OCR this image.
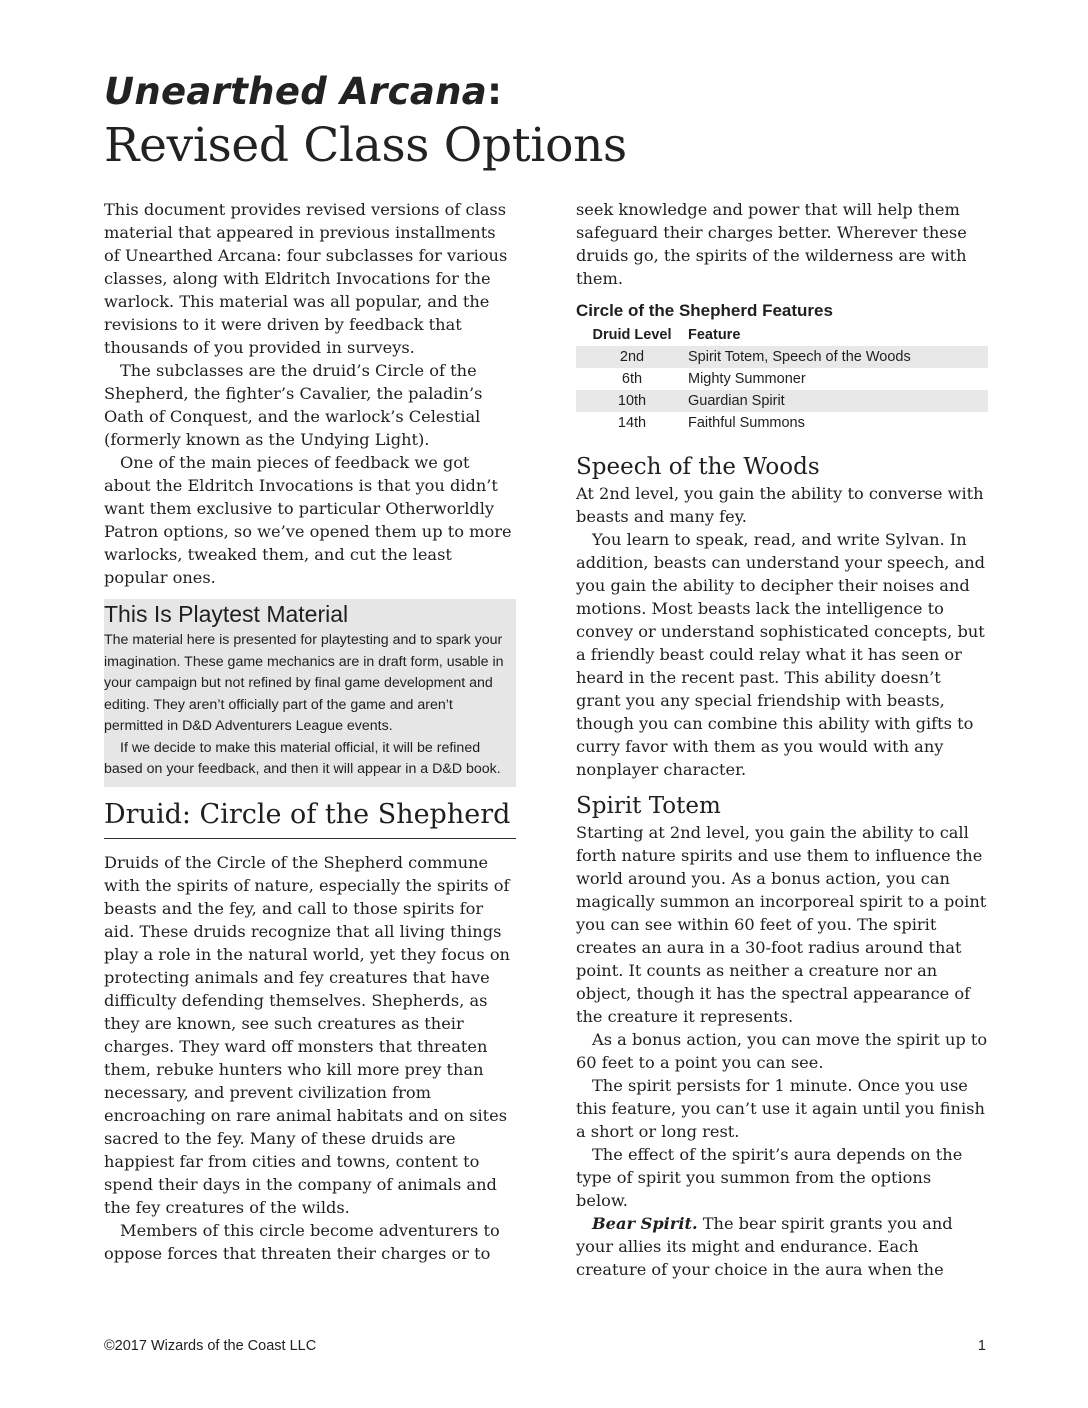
Unearthed Arcana:
Revised Class Options

This document provides revised versions of class material that appeared in previous installments of Unearthed Arcana: four subclasses for various classes, along with Eldritch Invocations for the warlock. This material was all popular, and the revisions to it were driven by feedback that thousands of you provided in surveys.

The subclasses are the druid’s Circle of the Shepherd, the fighter’s Cavalier, the paladin’s Oath of Conquest, and the warlock’s Celestial (formerly known as the Undying Light).

One of the main pieces of feedback we got about the Eldritch Invocations is that you didn’t want them exclusive to particular Otherworldly Patron options, so we’ve opened them up to more warlocks, tweaked them, and cut the least popular ones.

This Is Playtest Material

The material here is presented for playtesting and to spark your imagination. These game mechanics are in draft form, usable in your campaign but not refined by final game development and editing. They aren’t officially part of the game and aren’t permitted in D&D Adventurers League events.

If we decide to make this material official, it will be refined based on your feedback, and then it will appear in a D&D book.

Druid: Circle of the Shepherd

Druids of the Circle of the Shepherd commune with the spirits of nature, especially the spirits of beasts and the fey, and call to those spirits for aid. These druids recognize that all living things play a role in the natural world, yet they focus on protecting animals and fey creatures that have difficulty defending themselves. Shepherds, as they are known, see such creatures as their charges. They ward off monsters that threaten them, rebuke hunters who kill more prey than necessary, and prevent civilization from encroaching on rare animal habitats and on sites sacred to the fey. Many of these druids are happiest far from cities and towns, content to spend their days in the company of animals and the fey creatures of the wilds.

Members of this circle become adventurers to oppose forces that threaten their charges or to

seek knowledge and power that will help them safeguard their charges better. Wherever these druids go, the spirits of the wilderness are with them.

Circle of the Shepherd Features
Druid Level	Feature
2nd	Spirit Totem, Speech of the Woods
6th	Mighty Summoner
10th	Guardian Spirit
14th	Faithful Summons
Speech of the Woods

At 2nd level, you gain the ability to converse with beasts and many fey.

You learn to speak, read, and write Sylvan. In addition, beasts can understand your speech, and you gain the ability to decipher their noises and motions. Most beasts lack the intelligence to convey or understand sophisticated concepts, but a friendly beast could relay what it has seen or heard in the recent past. This ability doesn’t grant you any special friendship with beasts, though you can combine this ability with gifts to curry favor with them as you would with any nonplayer character.

Spirit Totem

Starting at 2nd level, you gain the ability to call forth nature spirits and use them to influence the world around you. As a bonus action, you can magically summon an incorporeal spirit to a point you can see within 60 feet of you. The spirit creates an aura in a 30-foot radius around that point. It counts as neither a creature nor an object, though it has the spectral appearance of the creature it represents.

As a bonus action, you can move the spirit up to 60 feet to a point you can see.

The spirit persists for 1 minute. Once you use this feature, you can’t use it again until you finish a short or long rest.

The effect of the spirit’s aura depends on the type of spirit you summon from the options below.

Bear Spirit. The bear spirit grants you and your allies its might and endurance. Each creature of your choice in the aura when the

©2017 Wizards of the Coast LLC	1
